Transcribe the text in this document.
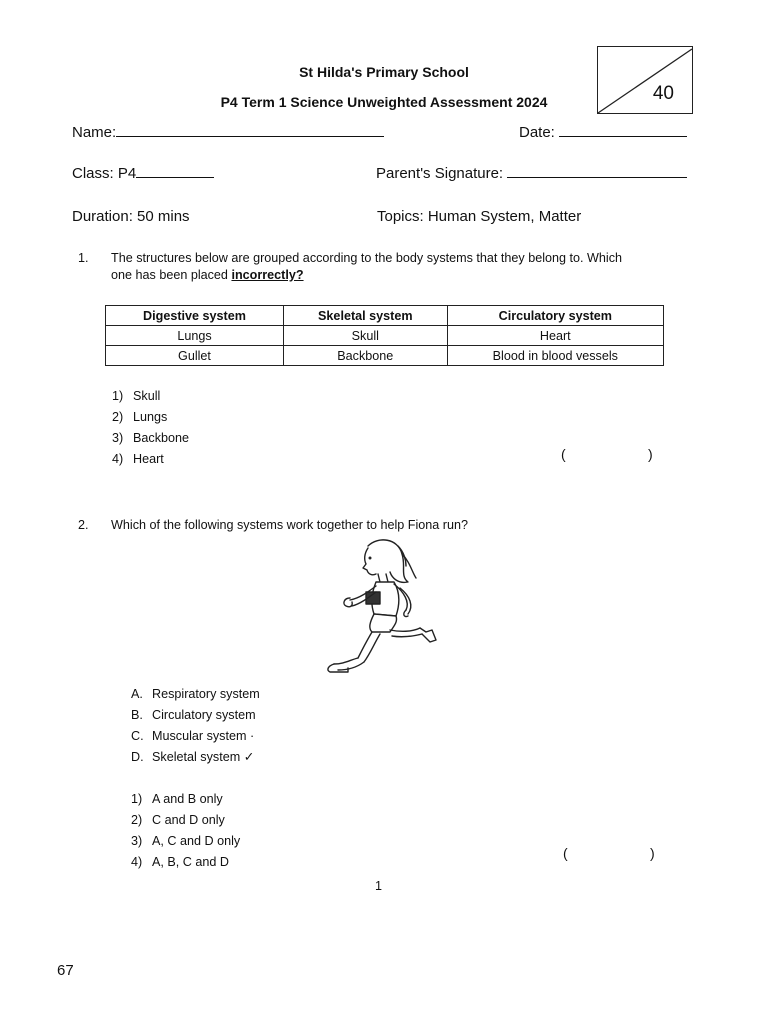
St Hilda's Primary School
P4 Term 1 Science Unweighted Assessment 2024	40
Name:	Date:
Class: P4	Parent's Signature:
Duration: 50 mins	Topics: Human System, Matter
1. The structures below are grouped according to the body systems that they belong to. Which
one has been placed incorrectly?
Digestive system	Skeletal system	Circulatory system
Lungs	Skull	Heart
Gullet	Backbone	Blood in blood vessels
1) Skull
2) Lungs
3) Backbone
4) Heart	(	)
2. Which of the following systems work together to help Fiona run?
A. Respiratory system
B. Circulatory system
C. Muscular system ·
D. Skeletal system ✓
1) A and B only
2) C and D only
3) A, C and D only
4) A, B, C and D
(	)
1
67
